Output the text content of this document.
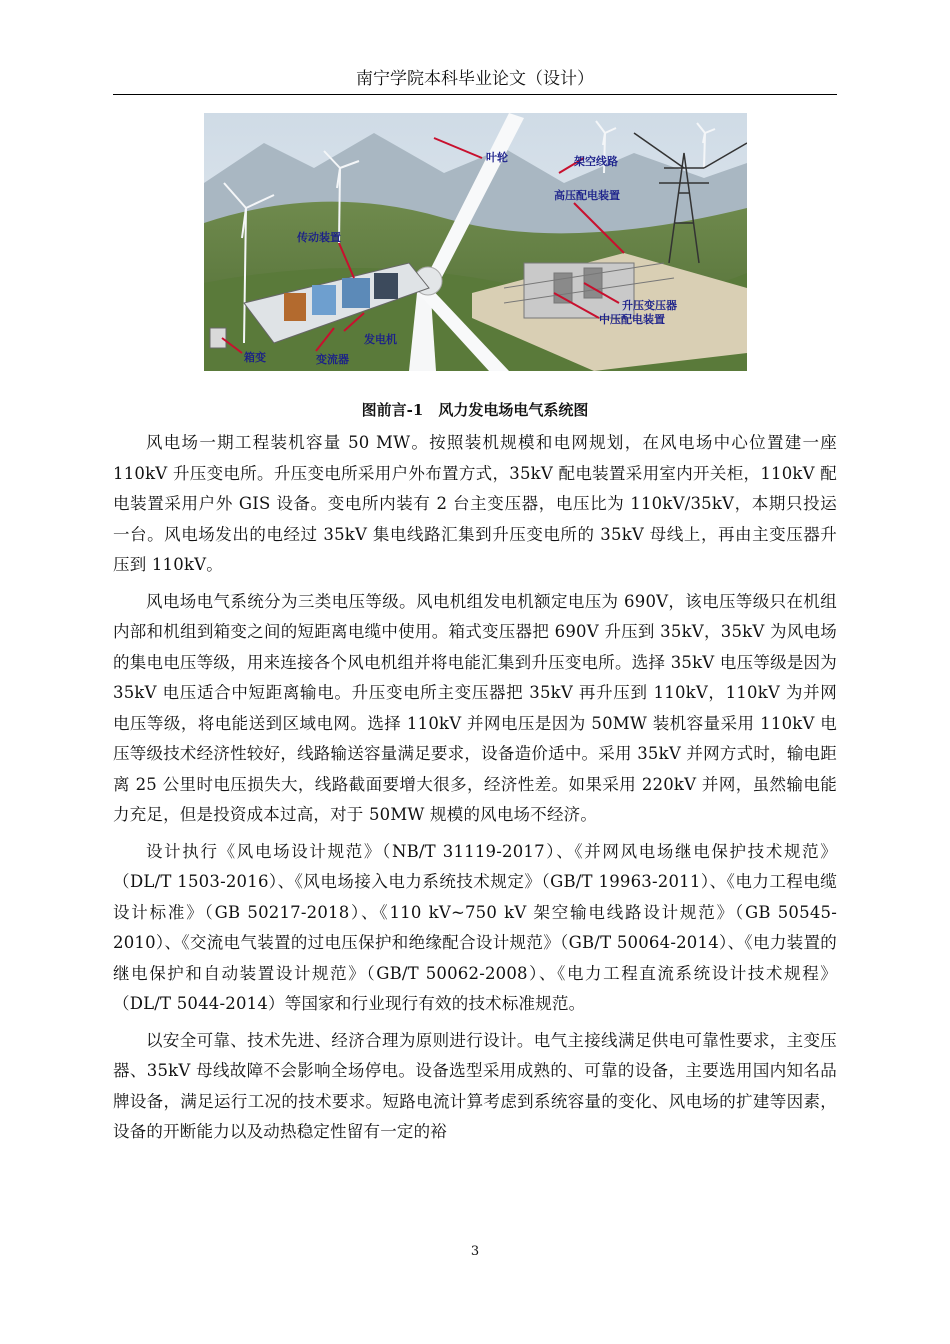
南宁学院本科毕业论文（设计）
叶轮	架空线路
高压配电装置
传动装置
升压变压器
中压配电装置
箱变
发电机
变流器
图前言-1　风力发电场电气系统图

风电场一期工程装机容量 50 MW。按照装机规模和电网规划，在风电场中心位置建一座 110kV 升压变电所。升压变电所采用户外布置方式，35kV 配电装置采用室内开关柜，110kV 配电装置采用户外 GIS 设备。变电所内装有 2 台主变压器，电压比为 110kV/35kV，本期只投运一台。风电场发出的电经过 35kV 集电线路汇集到升压变电所的 35kV 母线上，再由主变压器升压到 110kV。

风电场电气系统分为三类电压等级。风电机组发电机额定电压为 690V，该电压等级只在机组内部和机组到箱变之间的短距离电缆中使用。箱式变压器把 690V 升压到 35kV，35kV 为风电场的集电电压等级，用来连接各个风电机组并将电能汇集到升压变电所。选择 35kV 电压等级是因为 35kV 电压适合中短距离输电。升压变电所主变压器把 35kV 再升压到 110kV，110kV 为并网电压等级，将电能送到区域电网。选择 110kV 并网电压是因为 50MW 装机容量采用 110kV 电压等级技术经济性较好，线路输送容量满足要求，设备造价适中。采用 35kV 并网方式时，输电距离 25 公里时电压损失大，线路截面要增大很多，经济性差。如果采用 220kV 并网，虽然输电能力充足，但是投资成本过高，对于 50MW 规模的风电场不经济。

设计执行《风电场设计规范》（NB/T 31119-2017）、《并网风电场继电保护技术规范》（DL/T 1503-2016）、《风电场接入电力系统技术规定》（GB/T 19963-2011）、《电力工程电缆设计标准》（GB 50217-2018）、《110 kV~750 kV 架空输电线路设计规范》（GB 50545-2010）、《交流电气装置的过电压保护和绝缘配合设计规范》（GB/T 50064-2014）、《电力装置的继电保护和自动装置设计规范》（GB/T 50062-2008）、《电力工程直流系统设计技术规程》（DL/T 5044-2014）等国家和行业现行有效的技术标准规范。

以安全可靠、技术先进、经济合理为原则进行设计。电气主接线满足供电可靠性要求，主变压器、35kV 母线故障不会影响全场停电。设备选型采用成熟的、可靠的设备，主要选用国内知名品牌设备，满足运行工况的技术要求。短路电流计算考虑到系统容量的变化、风电场的扩建等因素，设备的开断能力以及动热稳定性留有一定的裕

3
